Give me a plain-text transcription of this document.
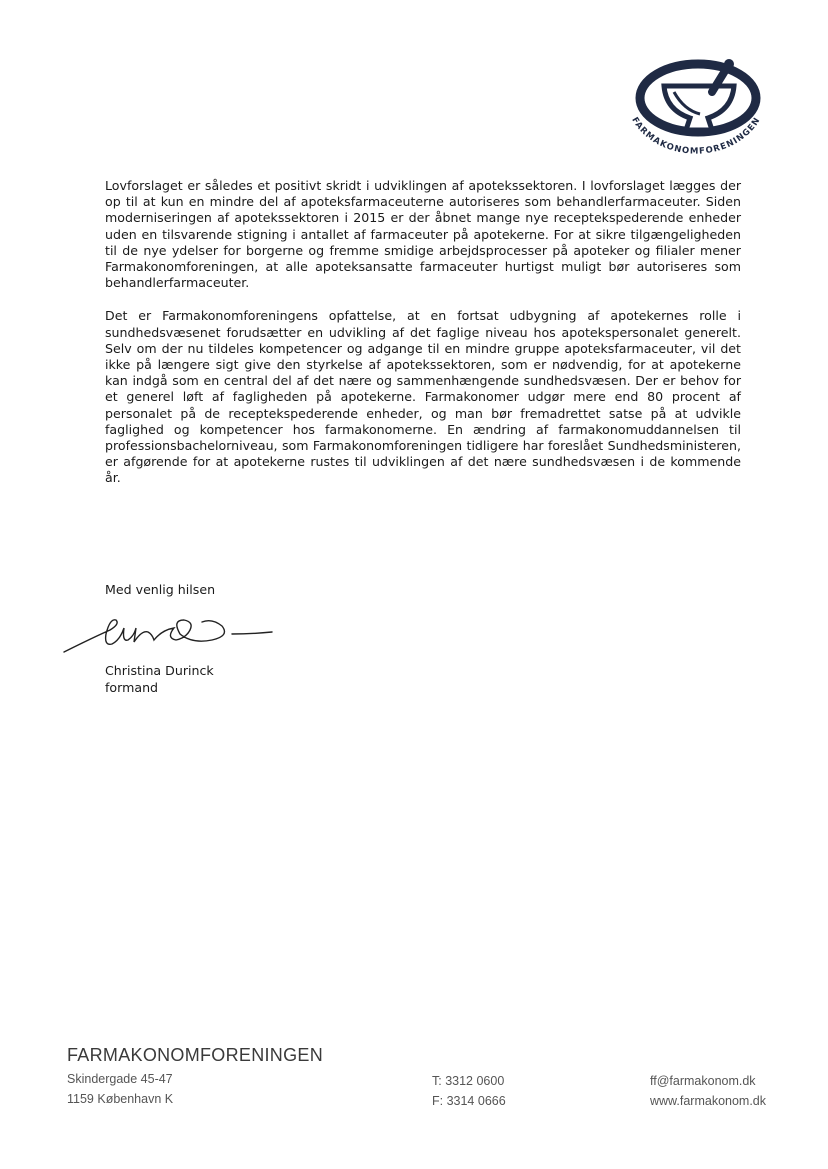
FARMAKONOMFORENINGEN

Lovforslaget er således et positivt skridt i udviklingen af apotekssektoren. I lovforslaget lægges der op til at kun en mindre del af apoteksfarmaceuterne autoriseres som behandlerfarmaceuter. Siden moderniseringen af apotekssektoren i 2015 er der åbnet mange nye receptekspederende enheder uden en tilsvarende stigning i antallet af farmaceuter på apotekerne. For at sikre tilgængeligheden til de nye ydelser for borgerne og fremme smidige arbejdsprocesser på apoteker og filialer mener Farmakonomforeningen, at alle apoteksansatte farmaceuter hurtigst muligt bør autoriseres som behandlerfarmaceuter.

Det er Farmakonomforeningens opfattelse, at en fortsat udbygning af apotekernes rolle i sundhedsvæsenet forudsætter en udvikling af det faglige niveau hos apotekspersonalet generelt. Selv om der nu tildeles kompetencer og adgange til en mindre gruppe apoteksfarmaceuter, vil det ikke på længere sigt give den styrkelse af apotekssektoren, som er nødvendig, for at apotekerne kan indgå som en central del af det nære og sammenhængende sundhedsvæsen. Der er behov for et generel løft af fagligheden på apotekerne. Farmakonomer udgør mere end 80 procent af personalet på de receptekspederende enheder, og man bør fremadrettet satse på at udvikle faglighed og kompetencer hos farmakonomerne. En ændring af farmakonomuddannelsen til professionsbachelorniveau, som Farmakonomforeningen tidligere har foreslået Sundhedsministeren, er afgørende for at apotekerne rustes til udviklingen af det nære sundhedsvæsen i de kommende år.

Med venlig hilsen
Christina Durinck
formand
FARMAKONOMFORENINGEN
Skindergade 45-47
1159 København K
T: 3312 0600
F: 3314 0666
ff@farmakonom.dk
www.farmakonom.dk
